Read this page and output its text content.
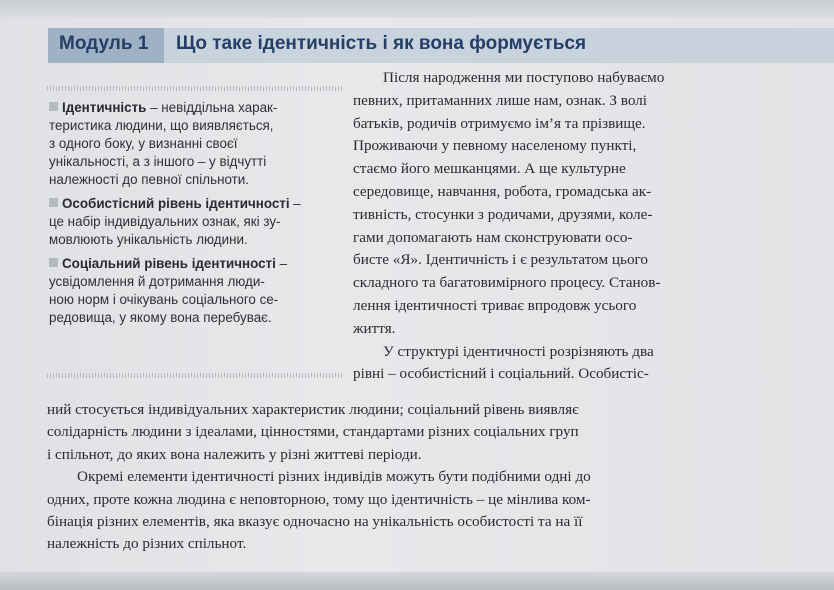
Модуль 1 Що таке ідентичність і як вона формується
Ідентичність – невіддільна харак-
теристика людини, що виявляється,
з одного боку, у визнанні своєї
унікальності, а з іншого – у відчутті
належності до певної спільноти.
Особистісний рівень ідентичності –
це набір індивідуальних ознак, які зу-
мовлюють унікальність людини.
Соціальний рівень ідентичності –
усвідомлення й дотримання люди-
ною норм і очікувань соціального се-
редовища, у якому вона перебуває.

Після народження ми поступово набуваємо
певних, притаманних лише нам, ознак. З волі
батьків, родичів отримуємо ім’я та прізвище.
Проживаючи у певному населеному пункті,
стаємо його мешканцями. А ще культурне
середовище, навчання, робота, громадська ак-
тивність, стосунки з родичами, друзями, коле-
гами допомагають нам сконструювати осо-
бисте «Я». Ідентичність і є результатом цього
складного та багатовимірного процесу. Станов-
лення ідентичності триває впродовж усього
життя.

У структурі ідентичності розрізняють два
рівні – особистісний і соціальний. Особистіс-

ний стосується індивідуальних характеристик людини; соціальний рівень виявляє
солідарність людини з ідеалами, цінностями, стандартами різних соціальних груп
і спільнот, до яких вона належить у різні життеві періоди.

Окремі елементи ідентичності різних індивідів можуть бути подібними одні до
одних, проте кожна людина є неповторною, тому що ідентичність – це мінлива ком-
бінація різних елементів, яка вказує одночасно на унікальність особистості та на її
належність до різних спільнот.
